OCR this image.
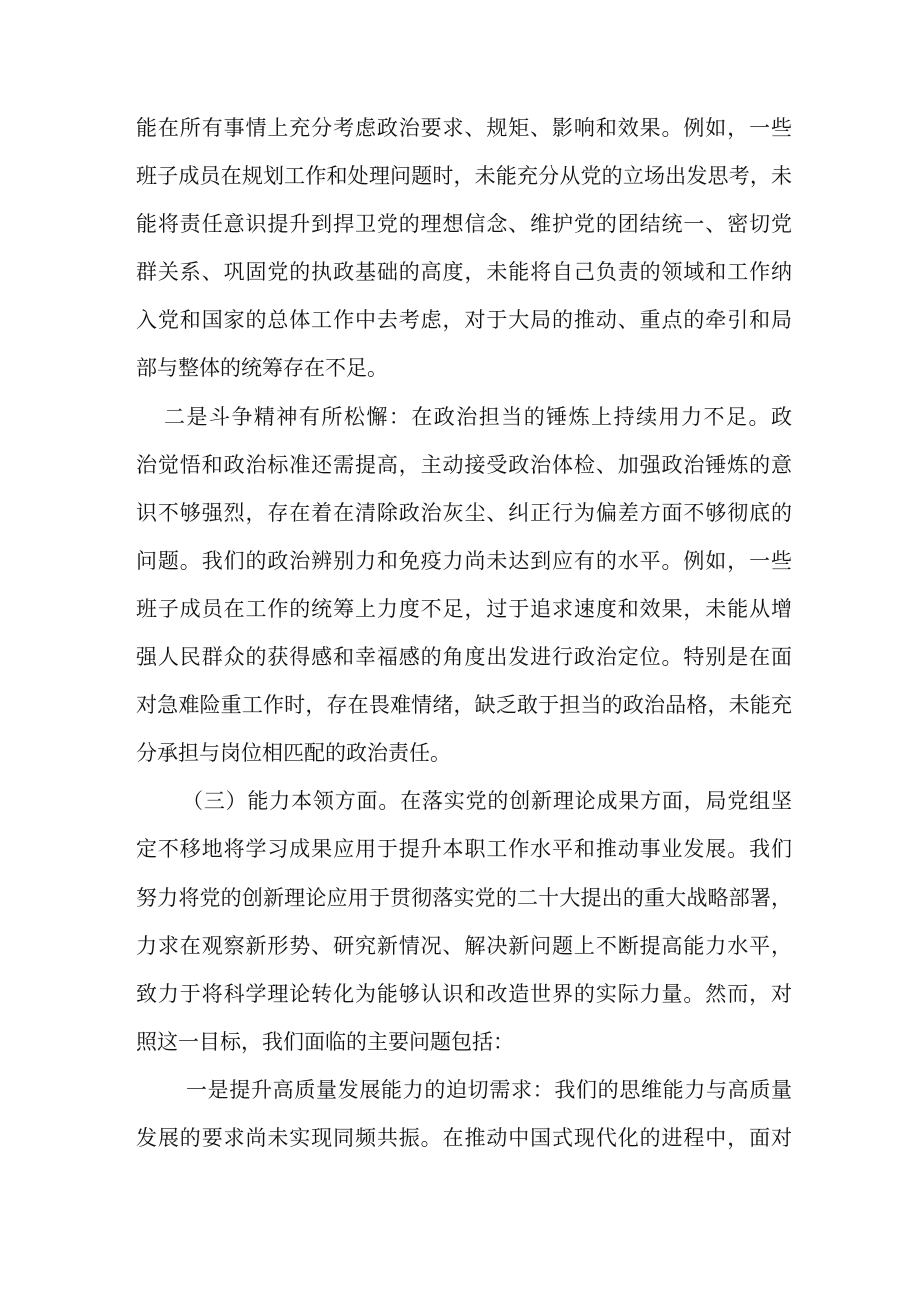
能在所有事情上充分考虑政治要求、规矩、影响和效果。例如，一些
班子成员在规划工作和处理问题时，未能充分从党的立场出发思考，未
能将责任意识提升到捍卫党的理想信念、维护党的团结统一、密切党
群关系、巩固党的执政基础的高度，未能将自己负责的领域和工作纳
入党和国家的总体工作中去考虑，对于大局的推动、重点的牵引和局
部与整体的统筹存在不足。
二是斗争精神有所松懈：在政治担当的锤炼上持续用力不足。政
治觉悟和政治标准还需提高，主动接受政治体检、加强政治锤炼的意
识不够强烈，存在着在清除政治灰尘、纠正行为偏差方面不够彻底的
问题。我们的政治辨别力和免疫力尚未达到应有的水平。例如，一些
班子成员在工作的统筹上力度不足，过于追求速度和效果，未能从增
强人民群众的获得感和幸福感的角度出发进行政治定位。特别是在面
对急难险重工作时，存在畏难情绪，缺乏敢于担当的政治品格，未能充
分承担与岗位相匹配的政治责任。
（三）能力本领方面。在落实党的创新理论成果方面，局党组坚
定不移地将学习成果应用于提升本职工作水平和推动事业发展。我们
努力将党的创新理论应用于贯彻落实党的二十大提出的重大战略部署，
力求在观察新形势、研究新情况、解决新问题上不断提高能力水平，
致力于将科学理论转化为能够认识和改造世界的实际力量。然而，对
照这一目标，我们面临的主要问题包括：
一是提升高质量发展能力的迫切需求：我们的思维能力与高质量
发展的要求尚未实现同频共振。在推动中国式现代化的进程中，面对
